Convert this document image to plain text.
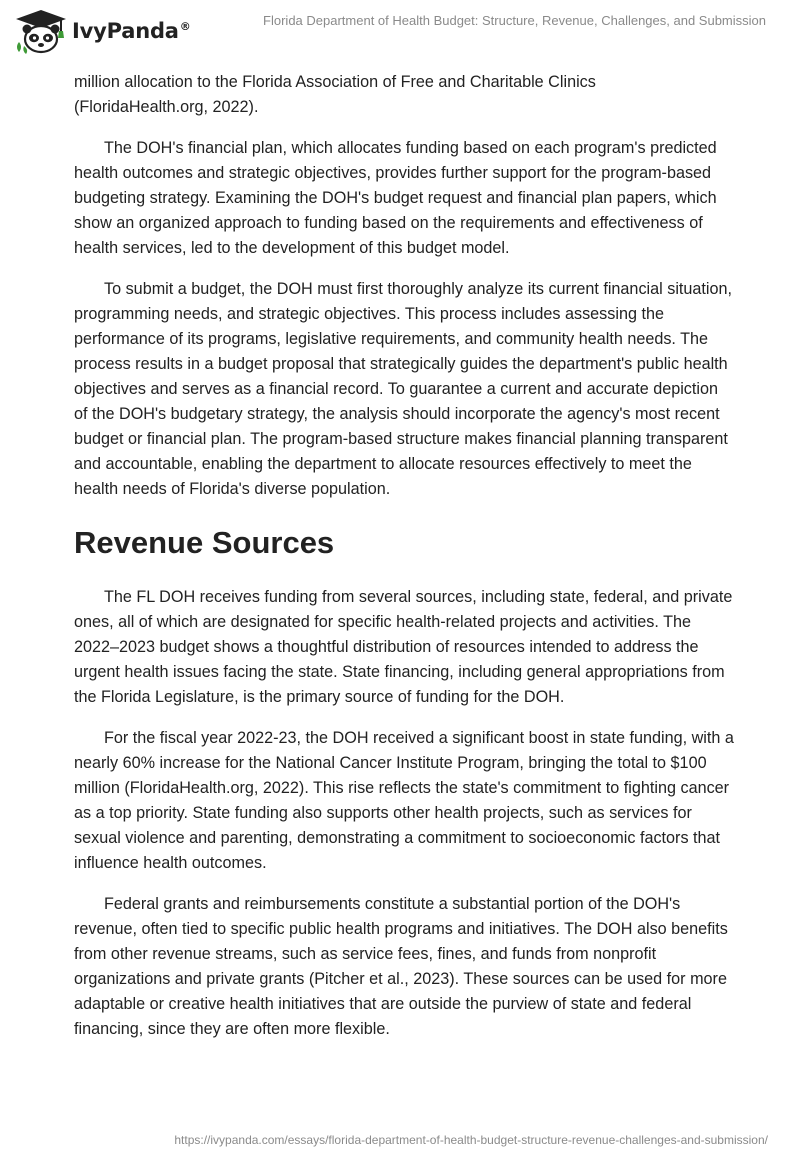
IvyPanda®	Florida Department of Health Budget: Structure, Revenue, Challenges, and Submission

million allocation to the Florida Association of Free and Charitable Clinics (FloridaHealth.org, 2022).

The DOH's financial plan, which allocates funding based on each program's predicted health outcomes and strategic objectives, provides further support for the program-based budgeting strategy. Examining the DOH's budget request and financial plan papers, which show an organized approach to funding based on the requirements and effectiveness of health services, led to the development of this budget model.

To submit a budget, the DOH must first thoroughly analyze its current financial situation, programming needs, and strategic objectives. This process includes assessing the performance of its programs, legislative requirements, and community health needs. The process results in a budget proposal that strategically guides the department's public health objectives and serves as a financial record. To guarantee a current and accurate depiction of the DOH's budgetary strategy, the analysis should incorporate the agency's most recent budget or financial plan. The program-based structure makes financial planning transparent and accountable, enabling the department to allocate resources effectively to meet the health needs of Florida's diverse population.

Revenue Sources

The FL DOH receives funding from several sources, including state, federal, and private ones, all of which are designated for specific health-related projects and activities. The 2022–2023 budget shows a thoughtful distribution of resources intended to address the urgent health issues facing the state. State financing, including general appropriations from the Florida Legislature, is the primary source of funding for the DOH.

For the fiscal year 2022-23, the DOH received a significant boost in state funding, with a nearly 60% increase for the National Cancer Institute Program, bringing the total to $100 million (FloridaHealth.org, 2022). This rise reflects the state's commitment to fighting cancer as a top priority. State funding also supports other health projects, such as services for sexual violence and parenting, demonstrating a commitment to socioeconomic factors that influence health outcomes.

Federal grants and reimbursements constitute a substantial portion of the DOH's revenue, often tied to specific public health programs and initiatives. The DOH also benefits from other revenue streams, such as service fees, fines, and funds from nonprofit organizations and private grants (Pitcher et al., 2023). These sources can be used for more adaptable or creative health initiatives that are outside the purview of state and federal financing, since they are often more flexible.

https://ivypanda.com/essays/florida-department-of-health-budget-structure-revenue-challenges-and-submission/
